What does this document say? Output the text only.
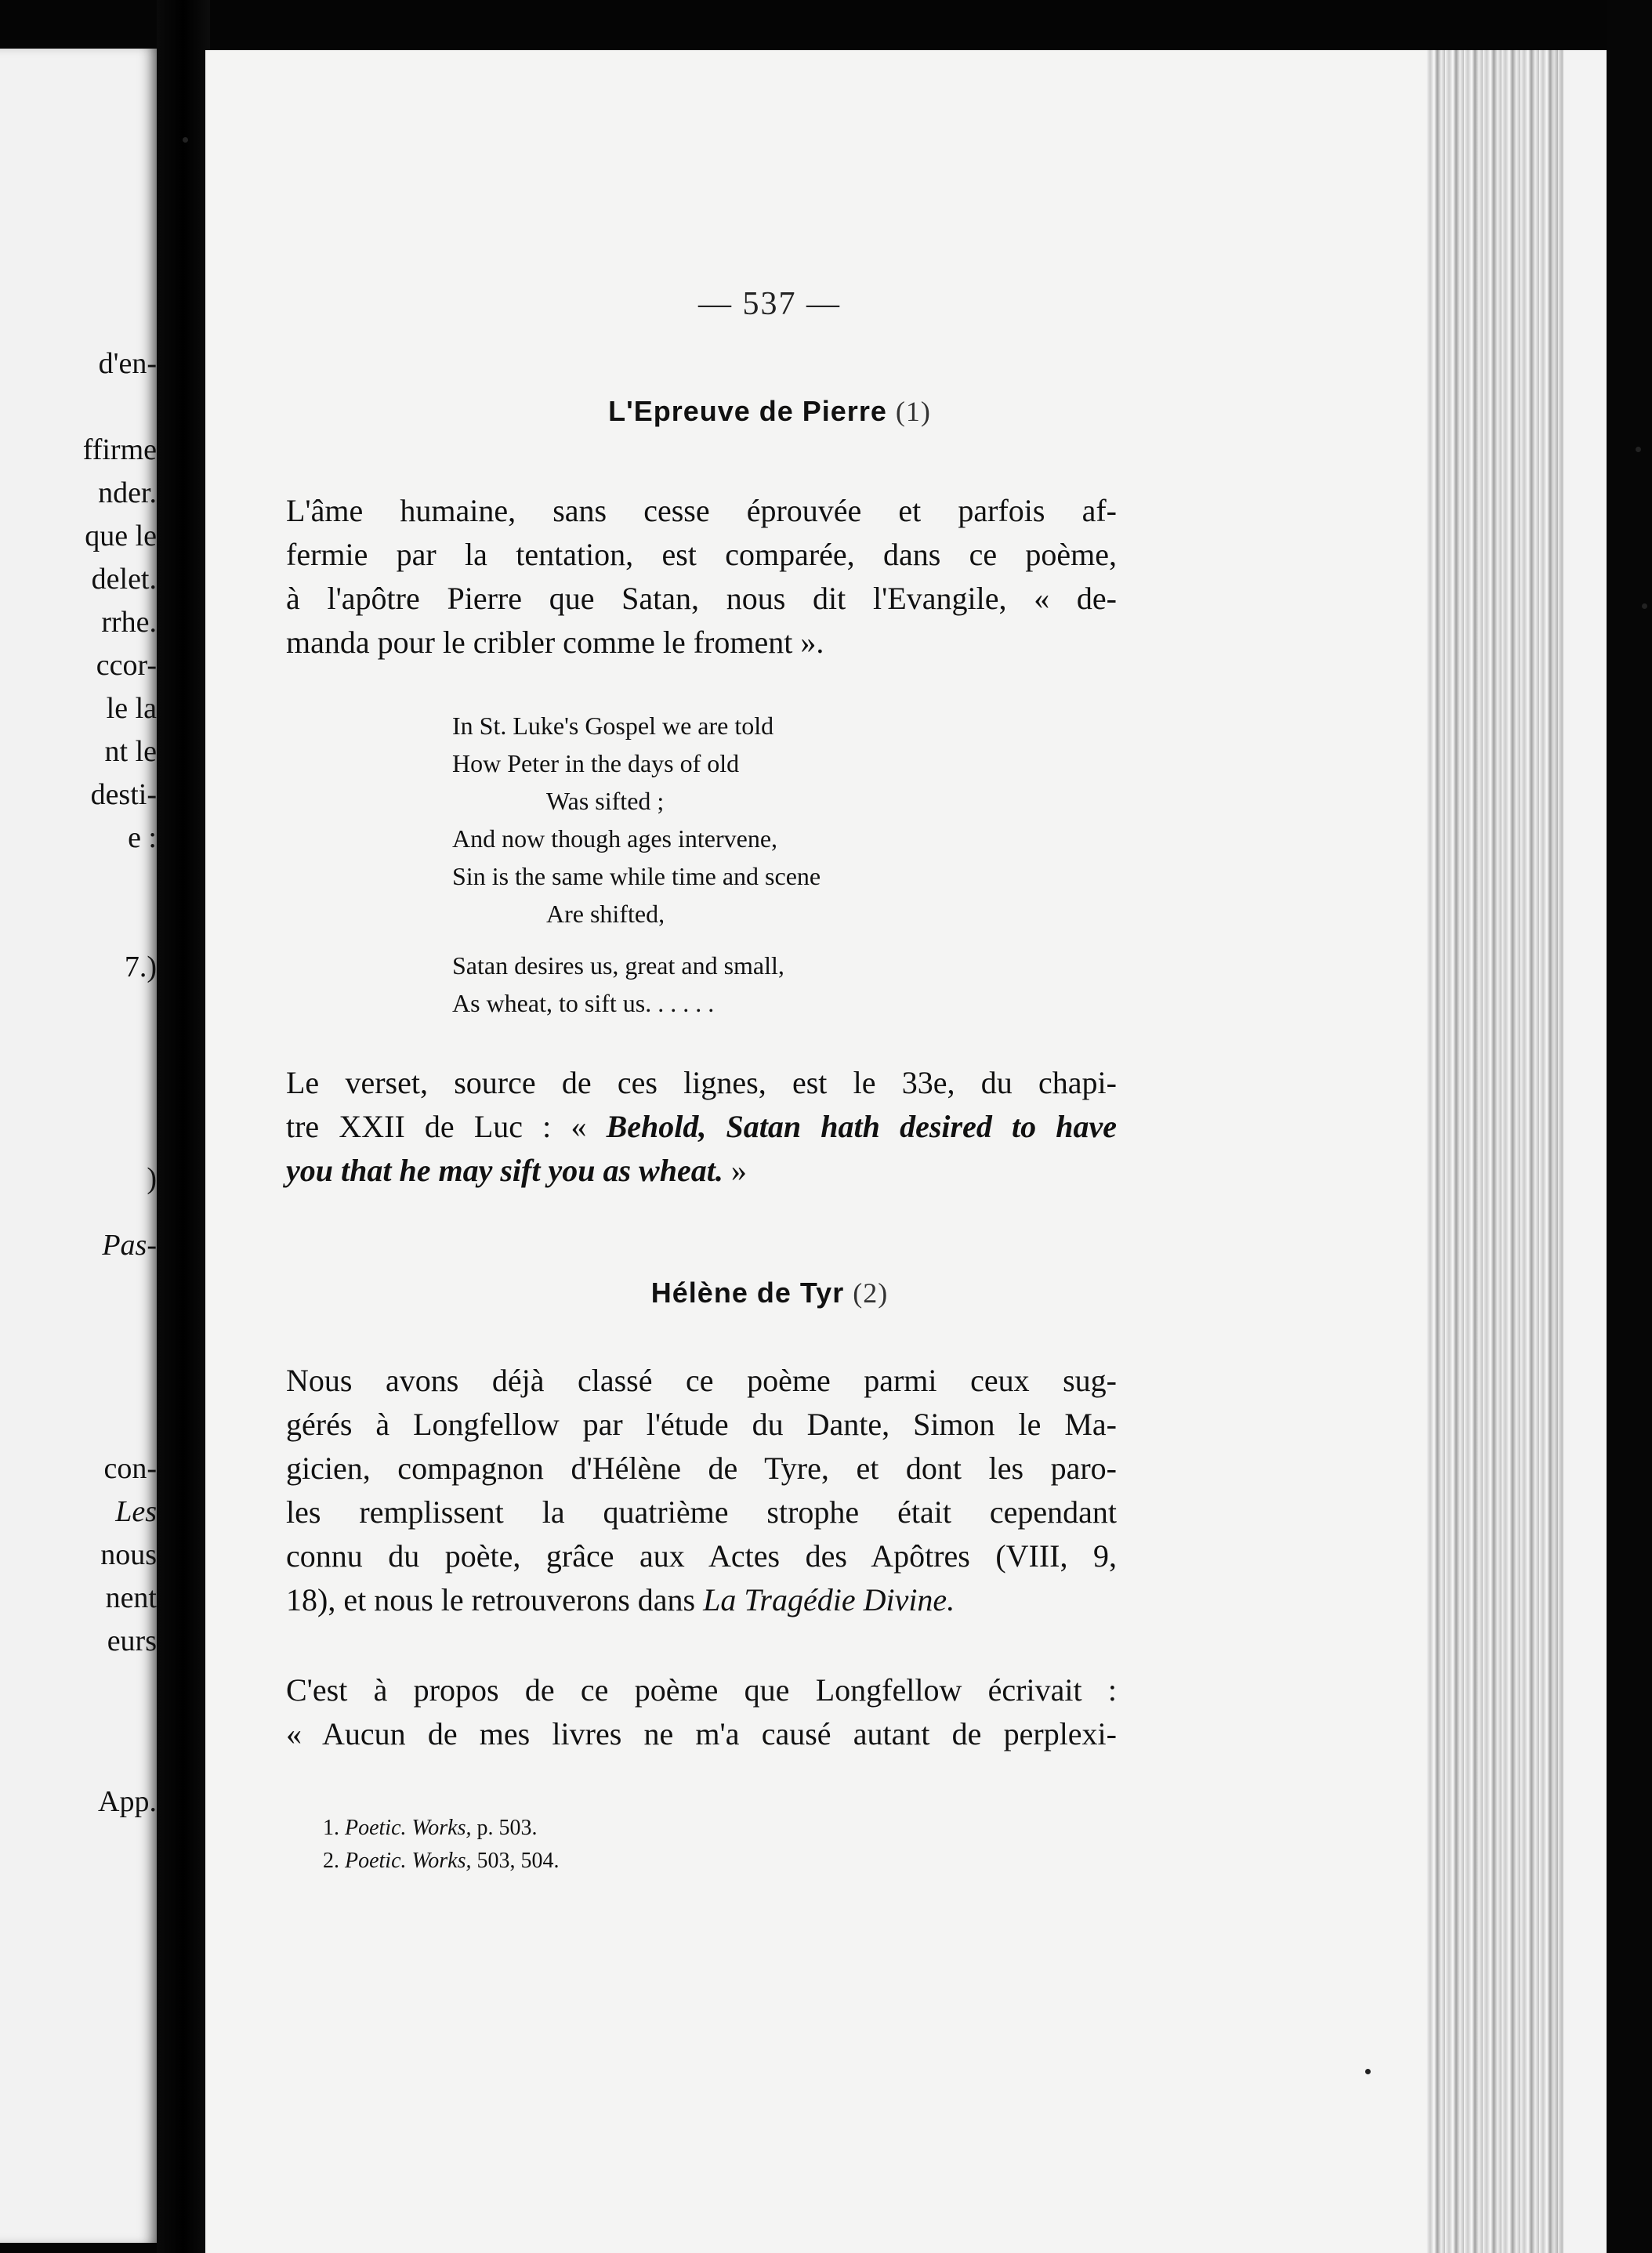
d'en-
ffirme
nder.
que le
delet.
rrhe.
ccor-
le la
nt le
desti-
e :
7.)
)
Pas-
con-
Les
nous
nent
eurs
App.
— 537 —
L'Epreuve de Pierre (1)
L'âme humaine, sans cesse éprouvée et parfois af-
fermie par la tentation, est comparée, dans ce poème,
à l'apôtre Pierre que Satan, nous dit l'Evangile, « de-
manda pour le cribler comme le froment ».
In St. Luke's Gospel we are told
How Peter in the days of old
Was sifted ;
And now though ages intervene,
Sin is the same while time and scene
Are shifted,
Satan desires us, great and small,
As wheat, to sift us. . . . . .
Le verset, source de ces lignes, est le 33e, du chapi-
tre XXII de Luc : « Behold, Satan hath desired to have
you that he may sift you as wheat. »
Hélène de Tyr (2)
Nous avons déjà classé ce poème parmi ceux sug-
gérés à Longfellow par l'étude du Dante, Simon le Ma-
gicien, compagnon d'Hélène de Tyre, et dont les paro-
les remplissent la quatrième strophe était cependant
connu du poète, grâce aux Actes des Apôtres (VIII, 9,
18), et nous le retrouverons dans La Tragédie Divine.
C'est à propos de ce poème que Longfellow écrivait :
« Aucun de mes livres ne m'a causé autant de perplexi-
1. Poetic. Works, p. 503.
2. Poetic. Works, 503, 504.
